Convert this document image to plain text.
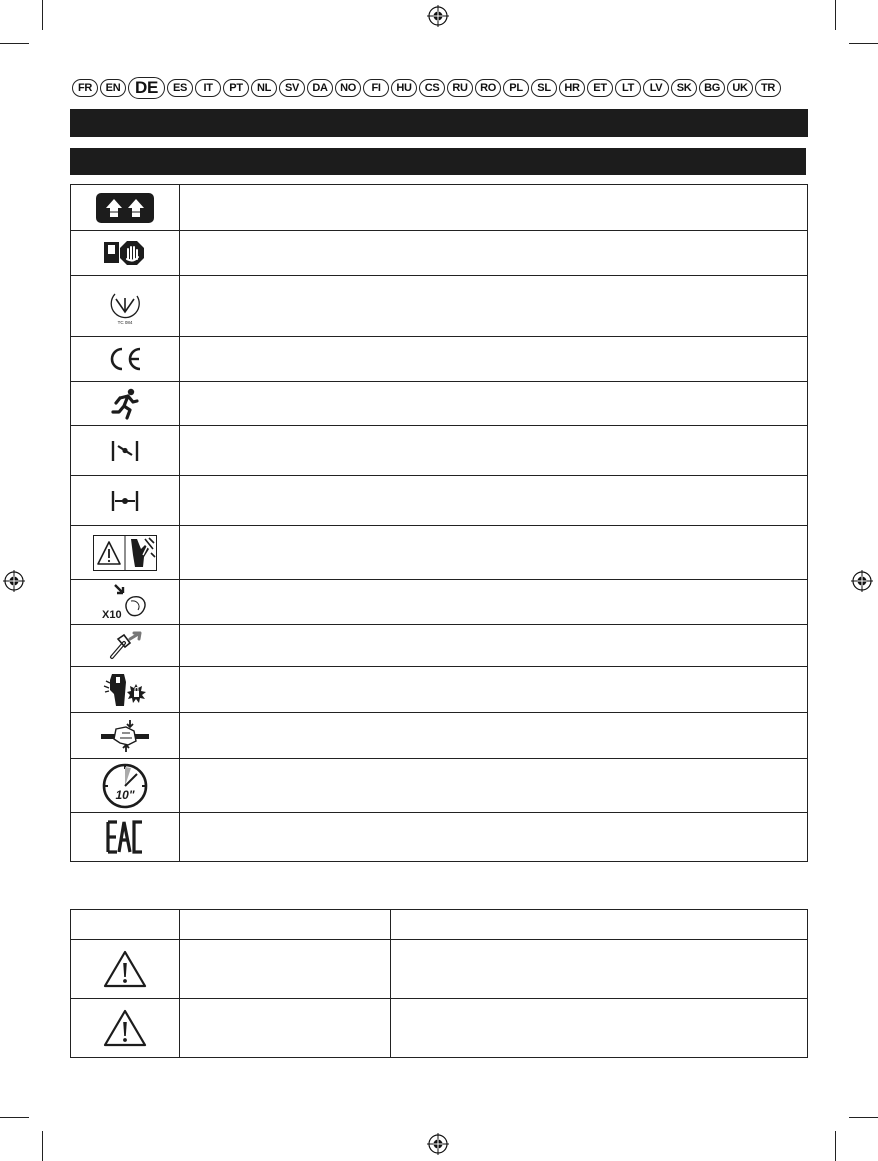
FR	EN DE	ES	IT	PT	NL	SV	DA	NO	FI	HU	CS	RU	RO	PL	SL	HR	ET	LT	LV	SK	BG	UK	TR

TC 084	

X10	

10"	
